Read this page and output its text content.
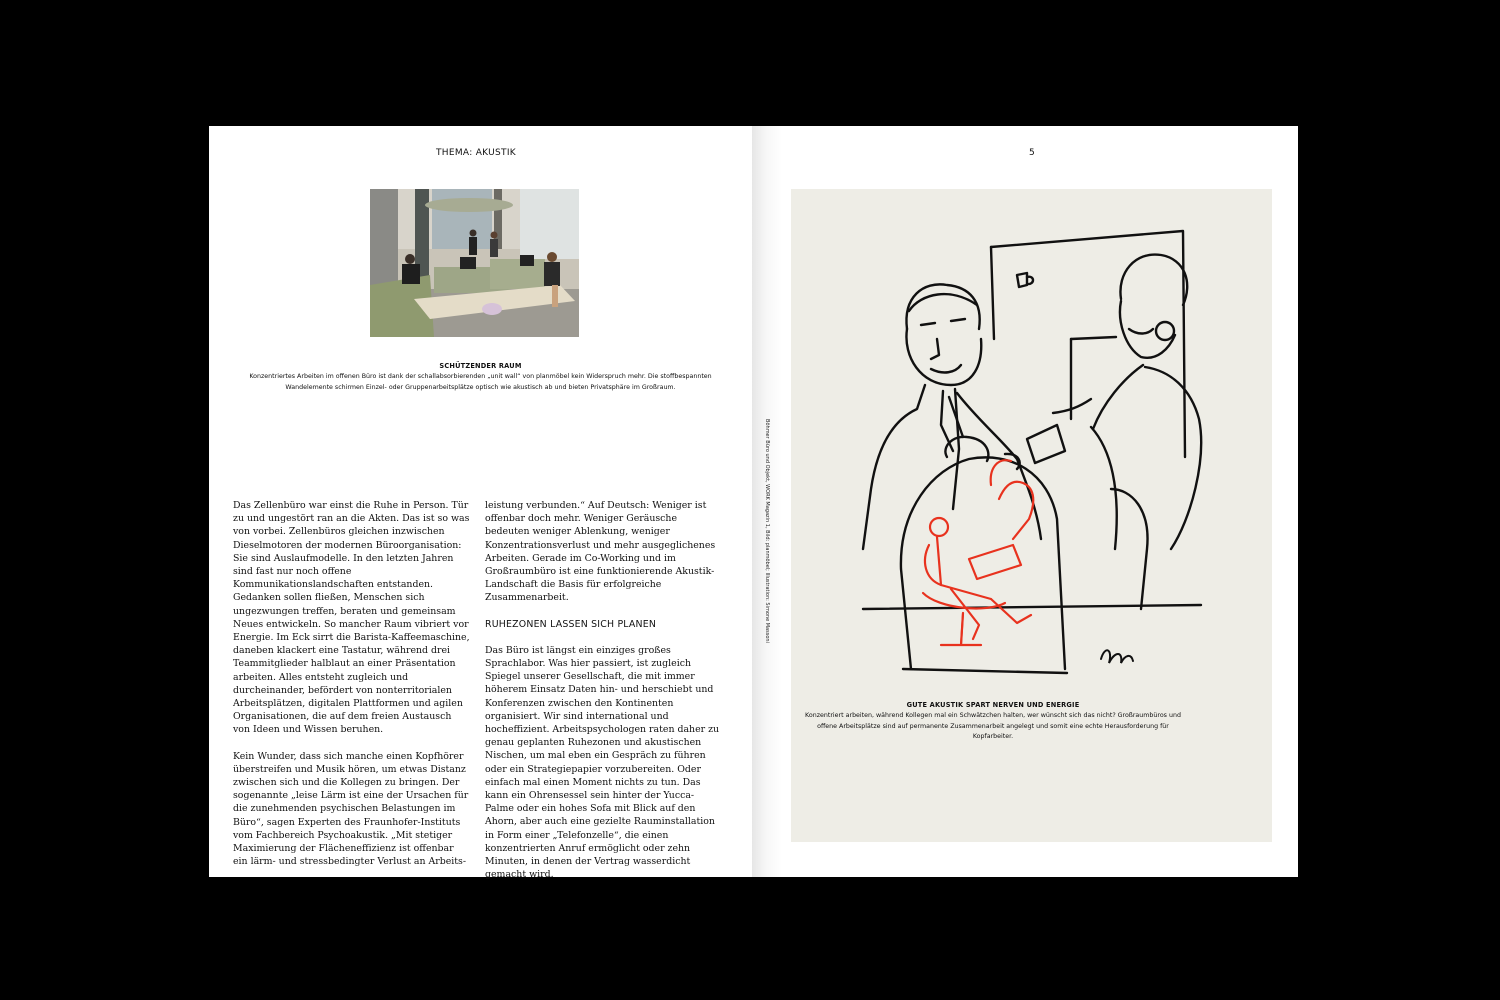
THEMA: AKUSTIK
SCHÜTZENDER RAUM
Konzentriertes Arbeiten im offenen Büro ist dank der schallabsorbierenden „unit wall“ von planmöbel kein Widerspruch mehr. Die stoffbespannten Wandelemente schirmen Einzel- oder Gruppenarbeitsplätze optisch wie akustisch ab und bieten Privatsphäre im Großraum.

Das Zellenbüro war einst die Ruhe in Person. Tür zu und ungestört ran an die Akten. Das ist so was von vorbei. Zellenbüros gleichen inzwischen Dieselmotoren der modernen Büroorganisation: Sie sind Auslaufmodelle. In den letzten Jahren sind fast nur noch offene Kommunikationslandschaften entstanden. Gedanken sollen fließen, Menschen sich ungezwungen treffen, beraten und gemeinsam Neues entwickeln. So mancher Raum vibriert vor Energie. Im Eck sirrt die Barista-Kaffeemaschine, daneben klackert eine Tastatur, während drei Teammitglieder halblaut an einer Präsentation arbeiten. Alles entsteht zugleich und durcheinander, befördert von nonterritorialen Arbeitsplätzen, digitalen Plattformen und agilen Organisationen, die auf dem freien Austausch von Ideen und Wissen beruhen.

Kein Wunder, dass sich manche einen Kopfhörer überstreifen und Musik hören, um etwas Distanz zwischen sich und die Kollegen zu bringen. Der sogenannte „leise Lärm ist eine der Ursachen für die zunehmenden psychischen Belastungen im Büro“, sagen Experten des Fraunhofer-Instituts vom Fachbereich Psychoakustik. „Mit stetiger Maximierung der Flächeneffizienz ist offenbar ein lärm- und stressbedingter Verlust an Arbeits-

leistung verbunden.“ Auf Deutsch: Weniger ist offenbar doch mehr. Weniger Geräusche bedeuten weniger Ablenkung, weniger Konzentrationsverlust und mehr ausgeglichenes Arbeiten. Gerade im Co-Working und im Großraumbüro ist eine funktionierende Akustik-Landschaft die Basis für erfolgreiche Zusammenarbeit.

RUHEZONEN LASSEN SICH PLANEN

Das Büro ist längst ein einziges großes Sprachlabor. Was hier passiert, ist zugleich Spiegel unserer Gesellschaft, die mit immer höherem Einsatz Daten hin- und herschiebt und Konferenzen zwischen den Kontinenten organisiert. Wir sind international und hocheffizient. Arbeitspsychologen raten daher zu genau geplanten Ruhezonen und akustischen Nischen, um mal eben ein Gespräch zu führen oder ein Strategiepapier vorzubereiten. Oder einfach mal einen Moment nichts zu tun. Das kann ein Ohrensessel sein hinter der Yucca-Palme oder ein hohes Sofa mit Blick auf den Ahorn, aber auch eine gezielte Rauminstallation in Form einer „Telefonzelle“, die einen konzentrierten Anruf ermöglicht oder zehn Minuten, in denen der Vertrag wasserdicht gemacht wird.

5
Böhmer Büro und Objekt, WORK Magazin 1, Bild: planmöbel; Illustration: Simone Massoni
GUTE AKUSTIK SPART NERVEN UND ENERGIE
Konzentriert arbeiten, während Kollegen mal ein Schwätzchen halten, wer wünscht sich das nicht? Großraumbüros und offene Arbeitsplätze sind auf permanente Zusammenarbeit angelegt und somit eine echte Herausforderung für Kopfarbeiter.
